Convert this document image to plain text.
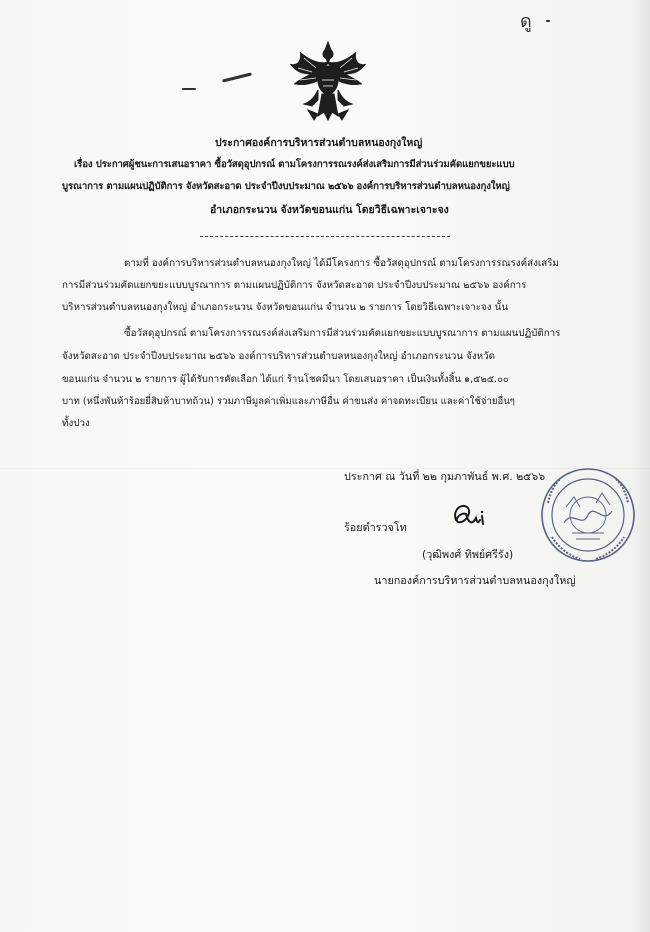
ดู
ประกาศองค์การบริหารส่วนตำบลหนองกุงใหญ่
เรื่อง ประกาศผู้ชนะการเสนอราคา ซื้อวัสดุอุปกรณ์ ตามโครงการรณรงค์ส่งเสริมการมีส่วนร่วมคัดแยกขยะแบบ
บูรณาการ ตามแผนปฏิบัติการ จังหวัดสะอาด ประจำปีงบประมาณ ๒๕๖๖ องค์การบริหารส่วนตำบลหนองกุงใหญ่
อำเภอกระนวน จังหวัดขอนแก่น โดยวิธีเฉพาะเจาะจง
ตามที่ องค์การบริหารส่วนตำบลหนองกุงใหญ่ ได้มีโครงการ ซื้อวัสดุอุปกรณ์ ตามโครงการรณรงค์ส่งเสริม
การมีส่วนร่วมคัดแยกขยะแบบบูรณาการ ตามแผนปฏิบัติการ จังหวัดสะอาด ประจำปีงบประมาณ ๒๕๖๖ องค์การ
บริหารส่วนตำบลหนองกุงใหญ่ อำเภอกระนวน จังหวัดขอนแก่น จำนวน ๒ รายการ โดยวิธีเฉพาะเจาะจง นั้น
ซื้อวัสดุอุปกรณ์ ตามโครงการรณรงค์ส่งเสริมการมีส่วนร่วมคัดแยกขยะแบบบูรณาการ ตามแผนปฏิบัติการ
จังหวัดสะอาด ประจำปีงบประมาณ ๒๕๖๖ องค์การบริหารส่วนตำบลหนองกุงใหญ่ อำเภอกระนวน จังหวัด
ขอนแก่น จำนวน ๒ รายการ ผู้ได้รับการคัดเลือก ได้แก่ ร้านโชคมีนา โดยเสนอราคา เป็นเงินทั้งสิ้น ๑,๕๒๕.๐๐
บาท (หนึ่งพันห้าร้อยยี่สิบห้าบาทถ้วน) รวมภาษีมูลค่าเพิ่มและภาษีอื่น ค่าขนส่ง ค่าจดทะเบียน และค่าใช้จ่ายอื่นๆ
ทั้งปวง
ประกาศ ณ วันที่ ๒๒ กุมภาพันธ์ พ.ศ. ๒๕๖๖
ร้อยตำรวจโท
(วุฒิพงศ์ ทิพย์ศรีรัง)
นายกองค์การบริหารส่วนตำบลหนองกุงใหญ่
